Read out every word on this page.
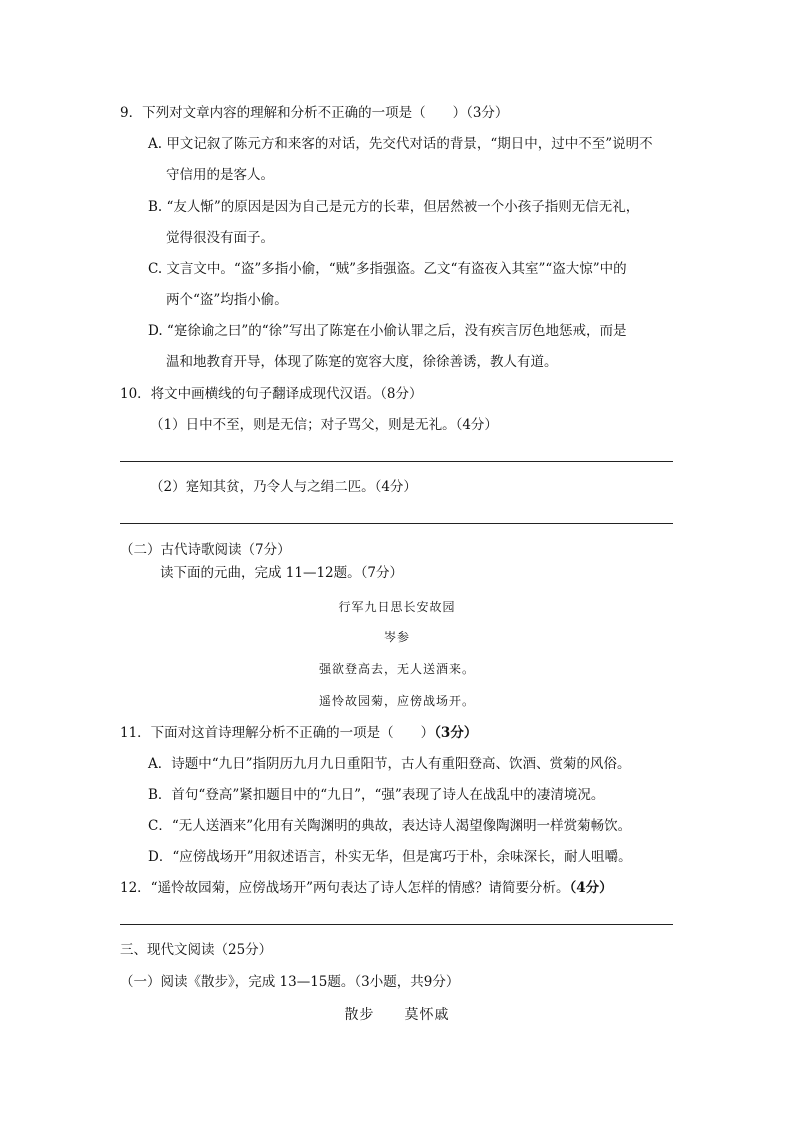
9．下列对文章内容的理解和分析不正确的一项是（　　）（3分）
A. 甲文记叙了陈元方和来客的对话，先交代对话的背景，“期日中，过中不至”说明不
守信用的是客人。
B. “友人惭”的原因是因为自己是元方的长辈，但居然被一个小孩子指则无信无礼，
觉得很没有面子。
C. 文言文中。“盗”多指小偷，“贼”多指强盗。乙文“有盗夜入其室”“盗大惊”中的
两个“盗”均指小偷。
D. “寔徐谕之曰”的“徐”写出了陈寔在小偷认罪之后，没有疾言厉色地惩戒，而是
温和地教育开导，体现了陈寔的宽容大度，徐徐善诱，教人有道。
10．将文中画横线的句子翻译成现代汉语。（8分）
（1）日中不至，则是无信；对子骂父，则是无礼。（4分）
（2）寔知其贫，乃令人与之绢二匹。（4分）
（二）古代诗歌阅读（7分）
读下面的元曲，完成 11—12题。（7分）
行军九日思长安故园
岑参
强欲登高去，无人送酒来。
遥怜故园菊，应傍战场开。
11．下面对这首诗理解分析不正确的一项是（　　）（3分）
A．诗题中“九日”指阴历九月九日重阳节，古人有重阳登高、饮酒、赏菊的风俗。
B．首句“登高”紧扣题目中的“九日”，“强”表现了诗人在战乱中的凄清境况。
C．“无人送酒来”化用有关陶渊明的典故，表达诗人渴望像陶渊明一样赏菊畅饮。
D．“应傍战场开”用叙述语言，朴实无华，但是寓巧于朴，余味深长，耐人咀嚼。
12．“遥怜故园菊，应傍战场开”两句表达了诗人怎样的情感？请简要分析。（4分）
三、现代文阅读（25分）
（一）阅读《散步》，完成 13—15题。（3小题，共9分）
散步　　莫怀戚
